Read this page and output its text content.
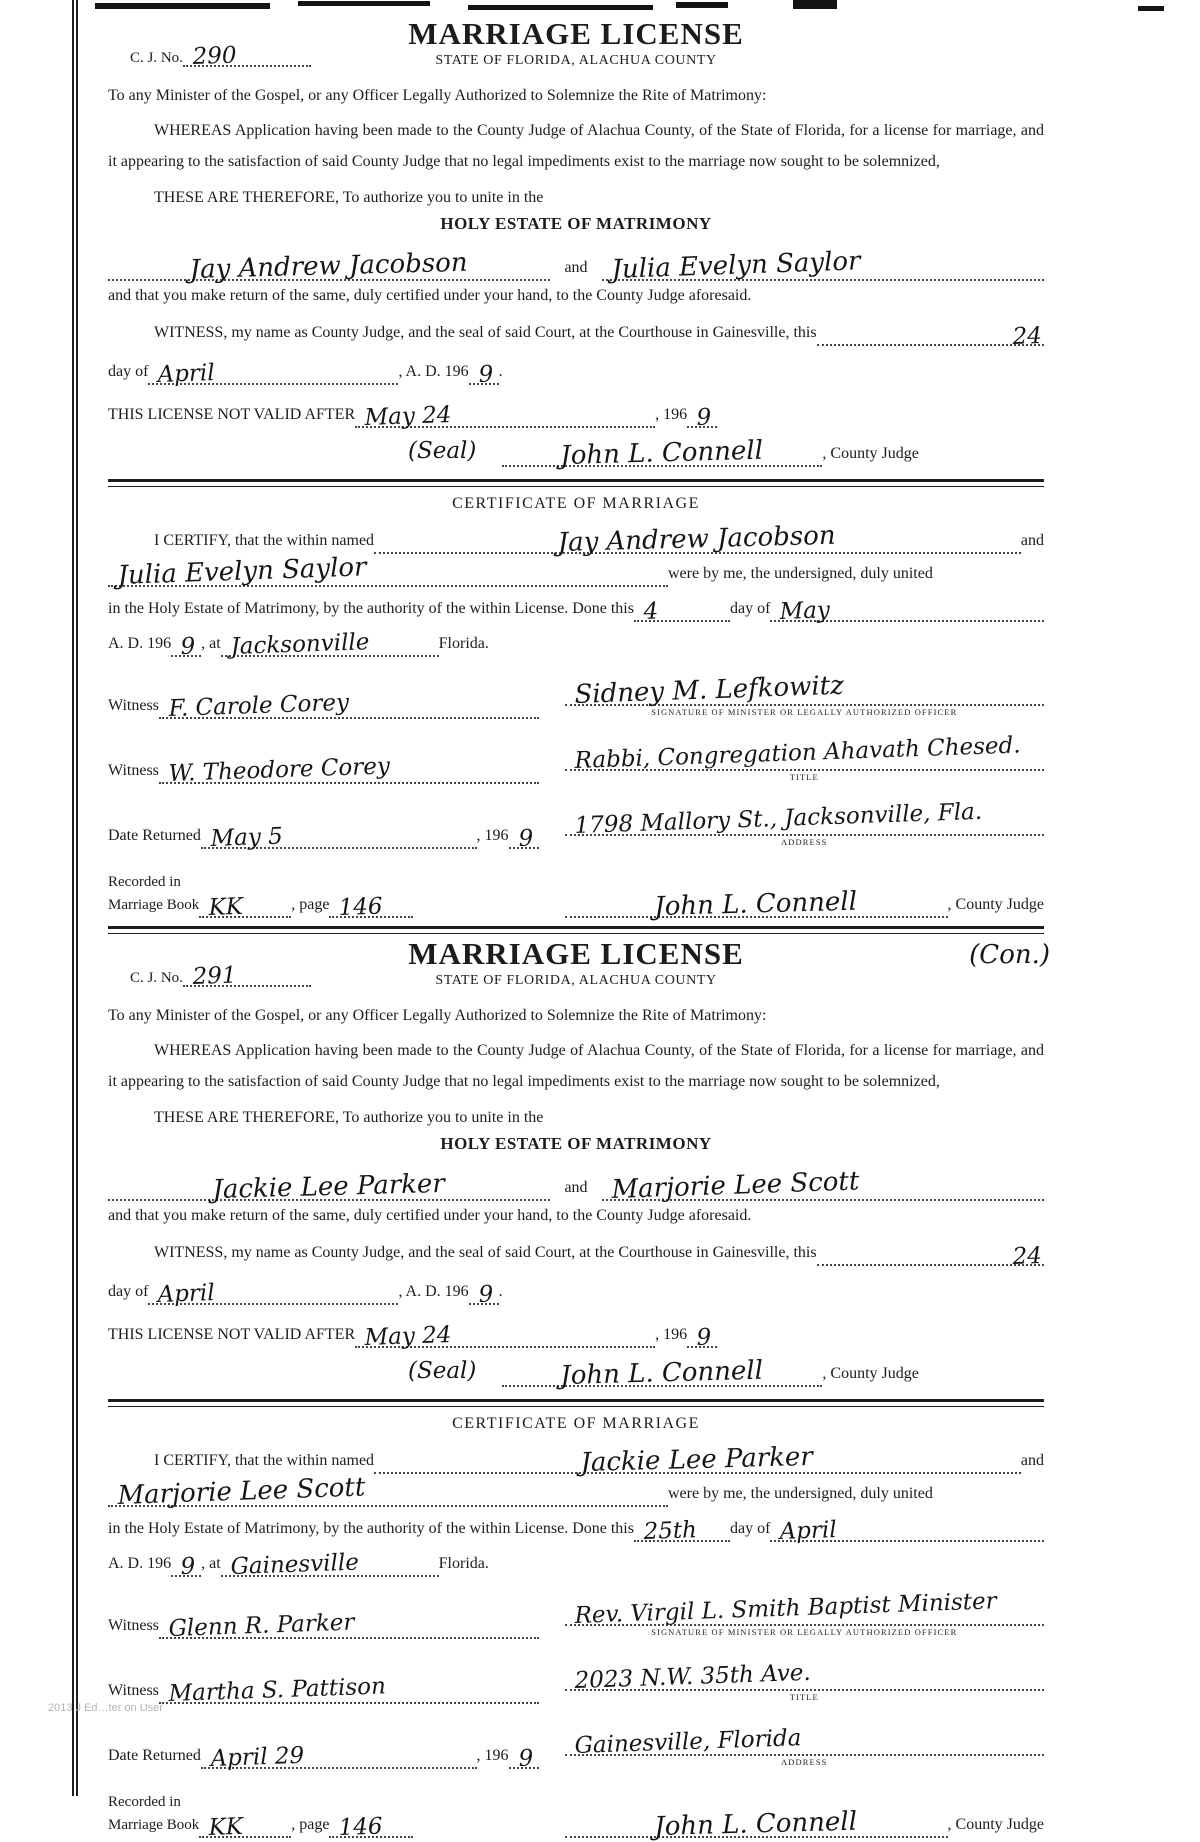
C. J. No. 290
MARRIAGE LICENSE
STATE OF FLORIDA, ALACHUA COUNTY

To any Minister of the Gospel, or any Officer Legally Authorized to Solemnize the Rite of Matrimony:

WHEREAS Application having been made to the County Judge of Alachua County, of the State of Florida, for a license for marriage, and it appearing to the satisfaction of said County Judge that no legal impediments exist to the marriage now sought to be solemnized,

THESE ARE THEREFORE, To authorize you to unite in the

HOLY ESTATE OF MATRIMONY
Jay Andrew Jacobson	and Julia Evelyn Saylor

and that you make return of the same, duly certified under your hand, to the County Judge aforesaid.

WITNESS, my name as County Judge, and the seal of said Court, at the Courthouse in Gainesville, this	24
day of April	, A. D. 196 9 .
THIS LICENSE NOT VALID AFTER May 24	, 196 9
(Seal)	John L. Connell	, County Judge
CERTIFICATE OF MARRIAGE
I CERTIFY, that the within named	Jay Andrew Jacobson	and
Julia Evelyn Saylor	were by me, the undersigned, duly united
in the Holy Estate of Matrimony, by the authority of the within License. Done this 4	day of May
A. D. 196 9 , at Jacksonville	Florida.
Witness F. Carole Corey	Sidney M. Lefkowitz
SIGNATURE OF MINISTER OR LEGALLY AUTHORIZED OFFICER
Witness W. Theodore Corey	Rabbi, Congregation Ahavath Chesed.
TITLE
Date Returned May 5	, 196 9 1798 Mallory St., Jacksonville, Fla.
ADDRESS
Recorded in
Marriage Book KK	, page 146	John L. Connell	, County Judge
C. J. No. 291
MARRIAGE LICENSE
STATE OF FLORIDA, ALACHUA COUNTY
(Con.)

To any Minister of the Gospel, or any Officer Legally Authorized to Solemnize the Rite of Matrimony:

WHEREAS Application having been made to the County Judge of Alachua County, of the State of Florida, for a license for marriage, and it appearing to the satisfaction of said County Judge that no legal impediments exist to the marriage now sought to be solemnized,

THESE ARE THEREFORE, To authorize you to unite in the

HOLY ESTATE OF MATRIMONY
Jackie Lee Parker	and Marjorie Lee Scott

and that you make return of the same, duly certified under your hand, to the County Judge aforesaid.

WITNESS, my name as County Judge, and the seal of said Court, at the Courthouse in Gainesville, this	24
day of April	, A. D. 196 9 .
THIS LICENSE NOT VALID AFTER May 24	, 196 9
(Seal)	John L. Connell	, County Judge
CERTIFICATE OF MARRIAGE
I CERTIFY, that the within named	Jackie Lee Parker	and
Marjorie Lee Scott	were by me, the undersigned, duly united
in the Holy Estate of Matrimony, by the authority of the within License. Done this 25th day of April
A. D. 196 9 , at Gainesville	Florida.
Witness Glenn R. Parker	Rev. Virgil L. Smith Baptist Minister
SIGNATURE OF MINISTER OR LEGALLY AUTHORIZED OFFICER
Witness Martha S. Pattison	2023 N.W. 35th Ave.
TITLE
Date Returned April 29	, 196 9 Gainesville, Florida
ADDRESS
Recorded in
Marriage Book KK	, page 146	John L. Connell	, County Judge
2013 J Ed…ter on User
